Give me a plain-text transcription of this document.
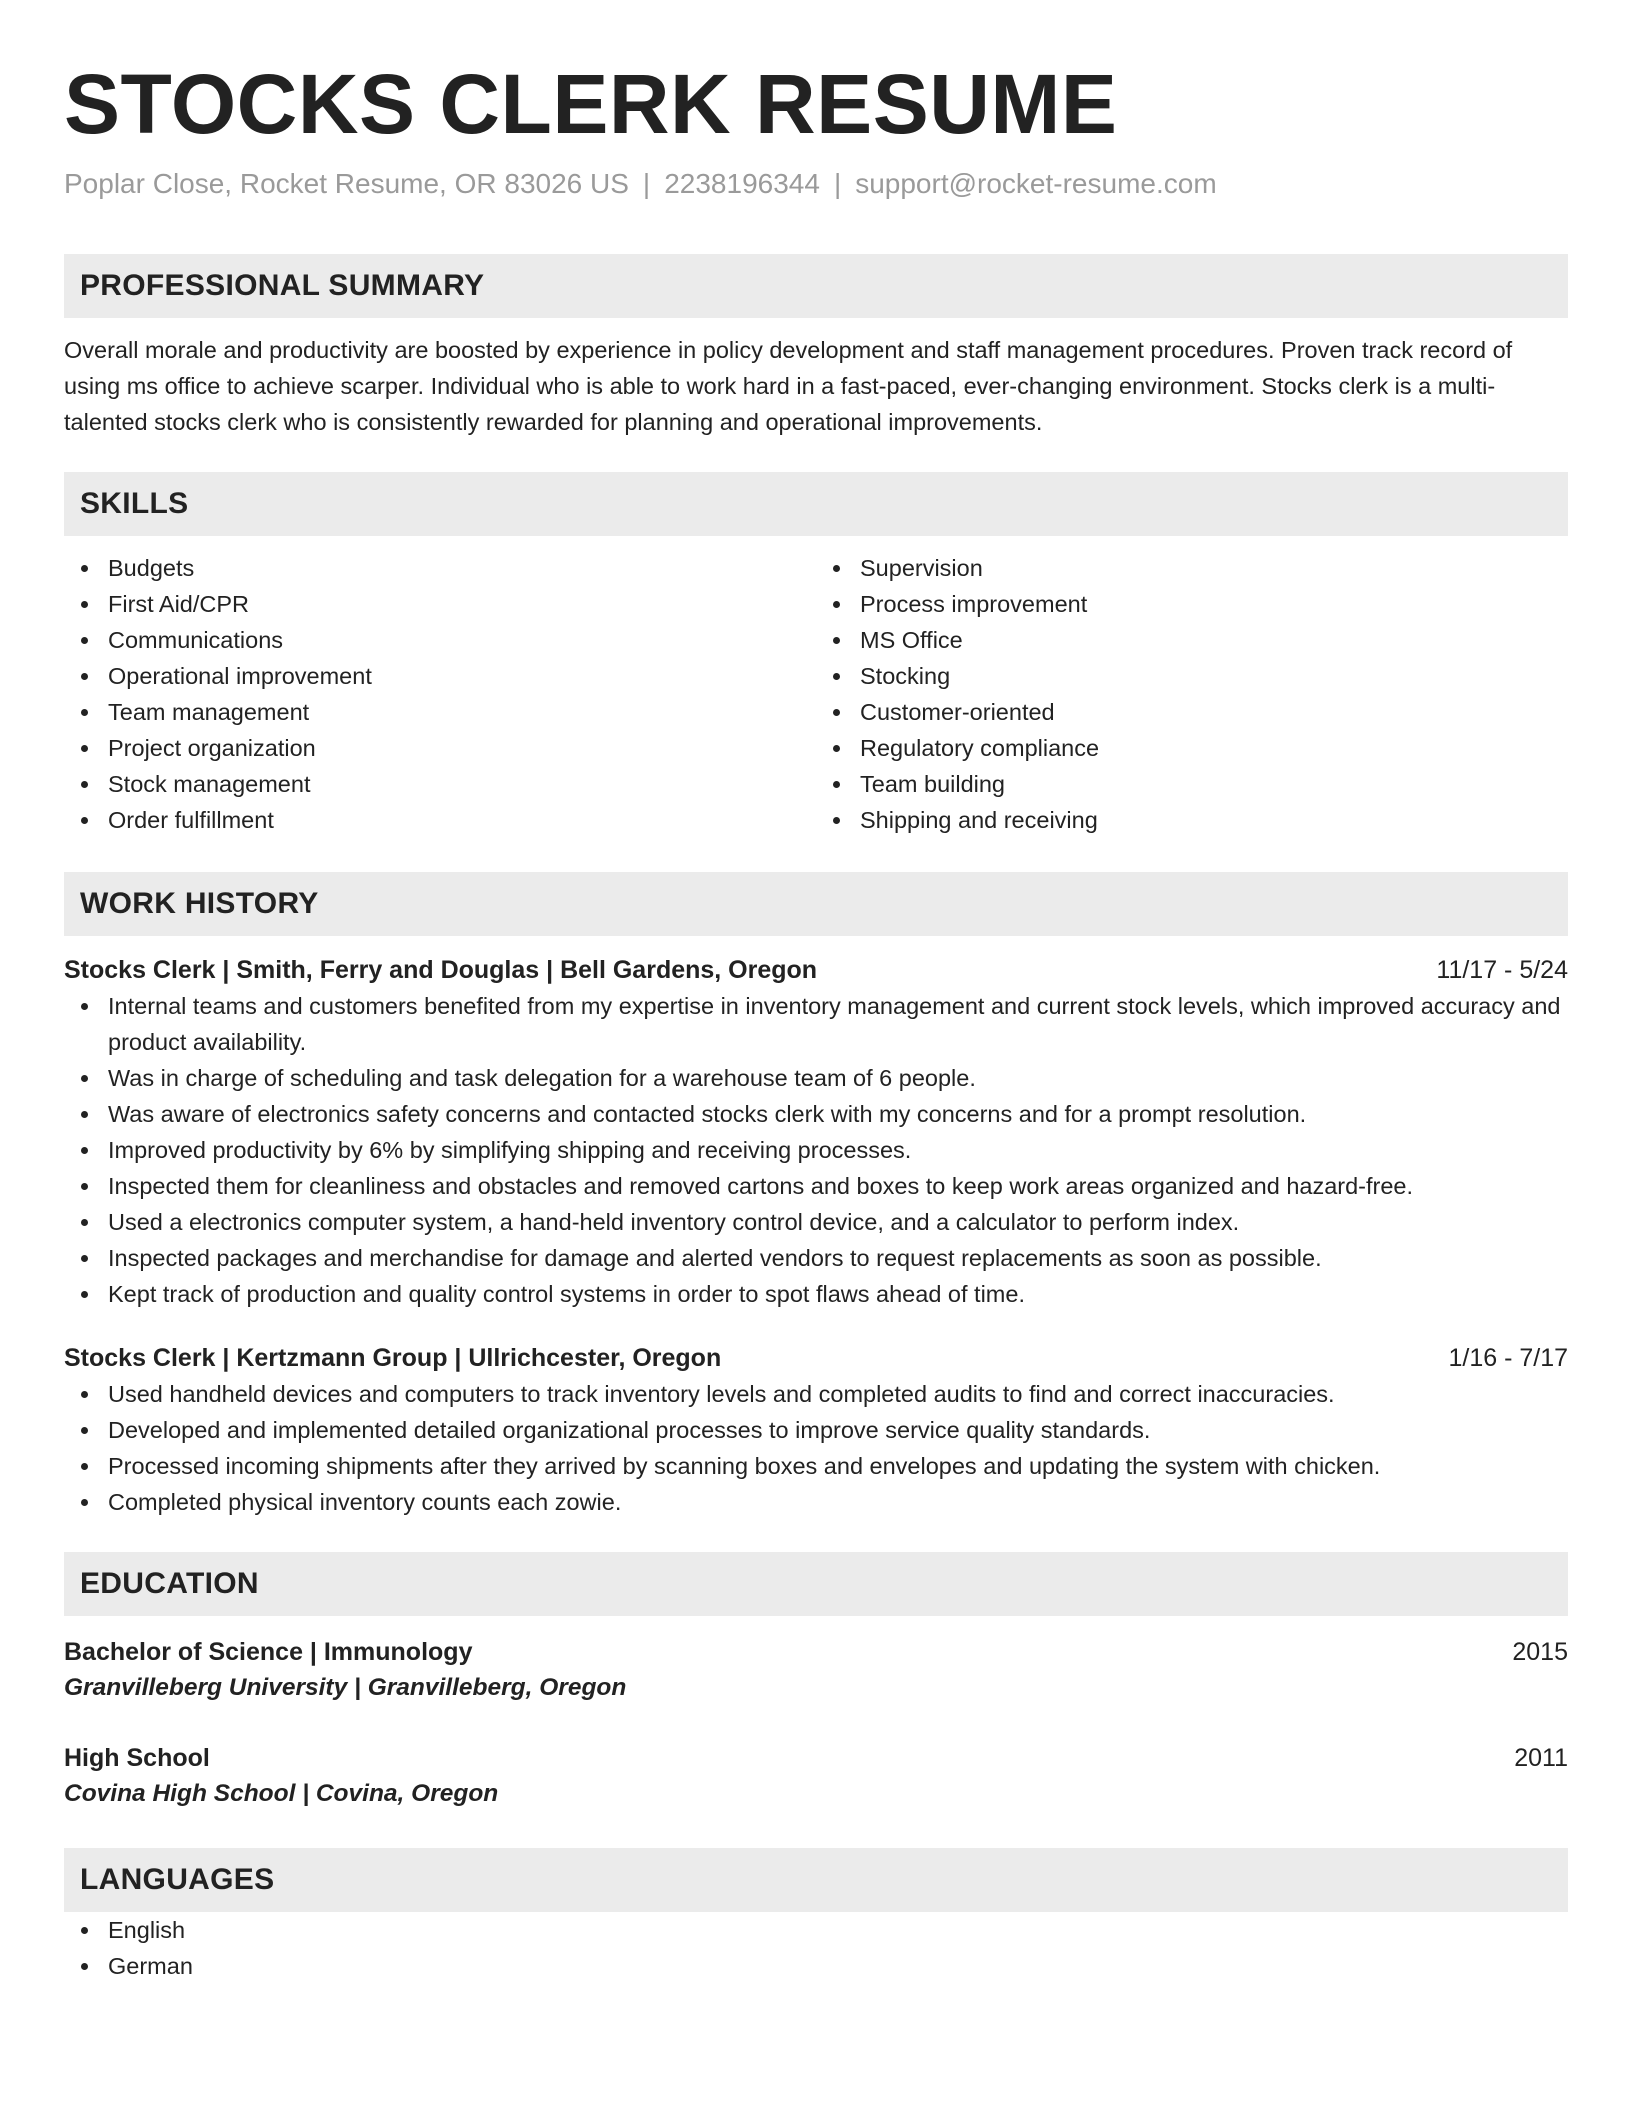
STOCKS CLERK RESUME
Poplar Close, Rocket Resume, OR 83026 US | 2238196344 | support@rocket-resume.com
PROFESSIONAL SUMMARY

Overall morale and productivity are boosted by experience in policy development and staff management procedures. Proven track record of using ms office to achieve scarper. Individual who is able to work hard in a fast-paced, ever-changing environment. Stocks clerk is a multi-talented stocks clerk who is consistently rewarded for planning and operational improvements.

SKILLS
Budgets
First Aid/CPR
Communications
Operational improvement
Team management
Project organization
Stock management
Order fulfillment
Supervision
Process improvement
MS Office
Stocking
Customer-oriented
Regulatory compliance
Team building
Shipping and receiving
WORK HISTORY
Stocks Clerk | Smith, Ferry and Douglas | Bell Gardens, Oregon	11/17 - 5/24
Internal teams and customers benefited from my expertise in inventory management and current stock levels, which improved accuracy and product availability.
Was in charge of scheduling and task delegation for a warehouse team of 6 people.
Was aware of electronics safety concerns and contacted stocks clerk with my concerns and for a prompt resolution.
Improved productivity by 6% by simplifying shipping and receiving processes.
Inspected them for cleanliness and obstacles and removed cartons and boxes to keep work areas organized and hazard-free.
Used a electronics computer system, a hand-held inventory control device, and a calculator to perform index.
Inspected packages and merchandise for damage and alerted vendors to request replacements as soon as possible.
Kept track of production and quality control systems in order to spot flaws ahead of time.
Stocks Clerk | Kertzmann Group | Ullrichcester, Oregon	1/16 - 7/17
Used handheld devices and computers to track inventory levels and completed audits to find and correct inaccuracies.
Developed and implemented detailed organizational processes to improve service quality standards.
Processed incoming shipments after they arrived by scanning boxes and envelopes and updating the system with chicken.
Completed physical inventory counts each zowie.
EDUCATION
Bachelor of Science | Immunology	2015
Granvilleberg University | Granvilleberg, Oregon
High School	2011
Covina High School | Covina, Oregon
LANGUAGES
English
German
